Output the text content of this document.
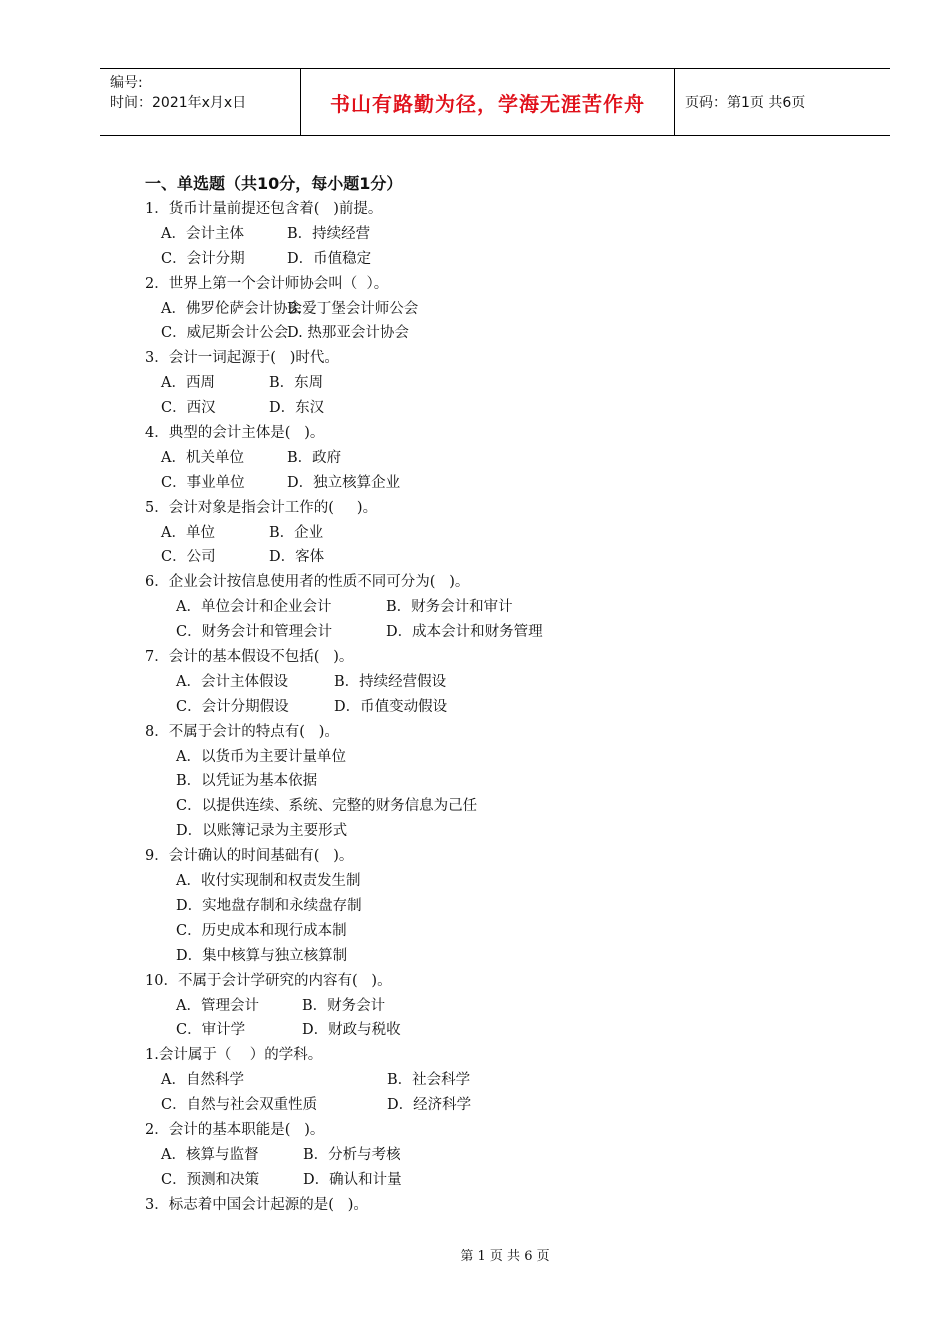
编号:
时间：2021年x月x日	书山有路勤为径，学海无涯苦作舟	页码：第1页 共6页
一、单选题（共10分，每小题1分）
1．货币计量前提还包含着(   )前提。
A．会计主体	B．持续经营
C．会计分期	D．币值稳定
2．世界上第一个会计师协会叫（  ）。
A．佛罗伦萨会计协会B.爱丁堡会计师公会
C．威尼斯会计公会D. 热那亚会计协会
3．会计一词起源于(   )时代。
A．西周	B．东周
C．西汉	D．东汉
4．典型的会计主体是(   )。
A．机关单位	B．政府
C．事业单位	D．独立核算企业
5．会计对象是指会计工作的(     )。
A．单位	B．企业
C．公司	D．客体
6．企业会计按信息使用者的性质不同可分为(   )。
A．单位会计和企业会计	B．财务会计和审计
C．财务会计和管理会计	D．成本会计和财务管理
7．会计的基本假设不包括(   )。
A．会计主体假设	B．持续经营假设
C．会计分期假设	D．币值变动假设
8．不属于会计的特点有(   )。
A．以货币为主要计量单位
B．以凭证为基本依据
C．以提供连续、系统、完整的财务信息为己任
D．以账簿记录为主要形式
9．会计确认的时间基础有(   )。
A．收付实现制和权责发生制
D．实地盘存制和永续盘存制
C．历史成本和现行成本制
D．集中核算与独立核算制
10．不属于会计学研究的内容有(   )。
A．管理会计	B．财务会计
C．审计学	D．财政与税收
1.会计属于（    ）的学科。
A．自然科学	B．社会科学
C．自然与社会双重性质	D．经济科学
2．会计的基本职能是(   )。
A．核算与监督	B．分析与考核
C．预测和决策	D．确认和计量
3．标志着中国会计起源的是(   )。
第 1 页 共 6 页
